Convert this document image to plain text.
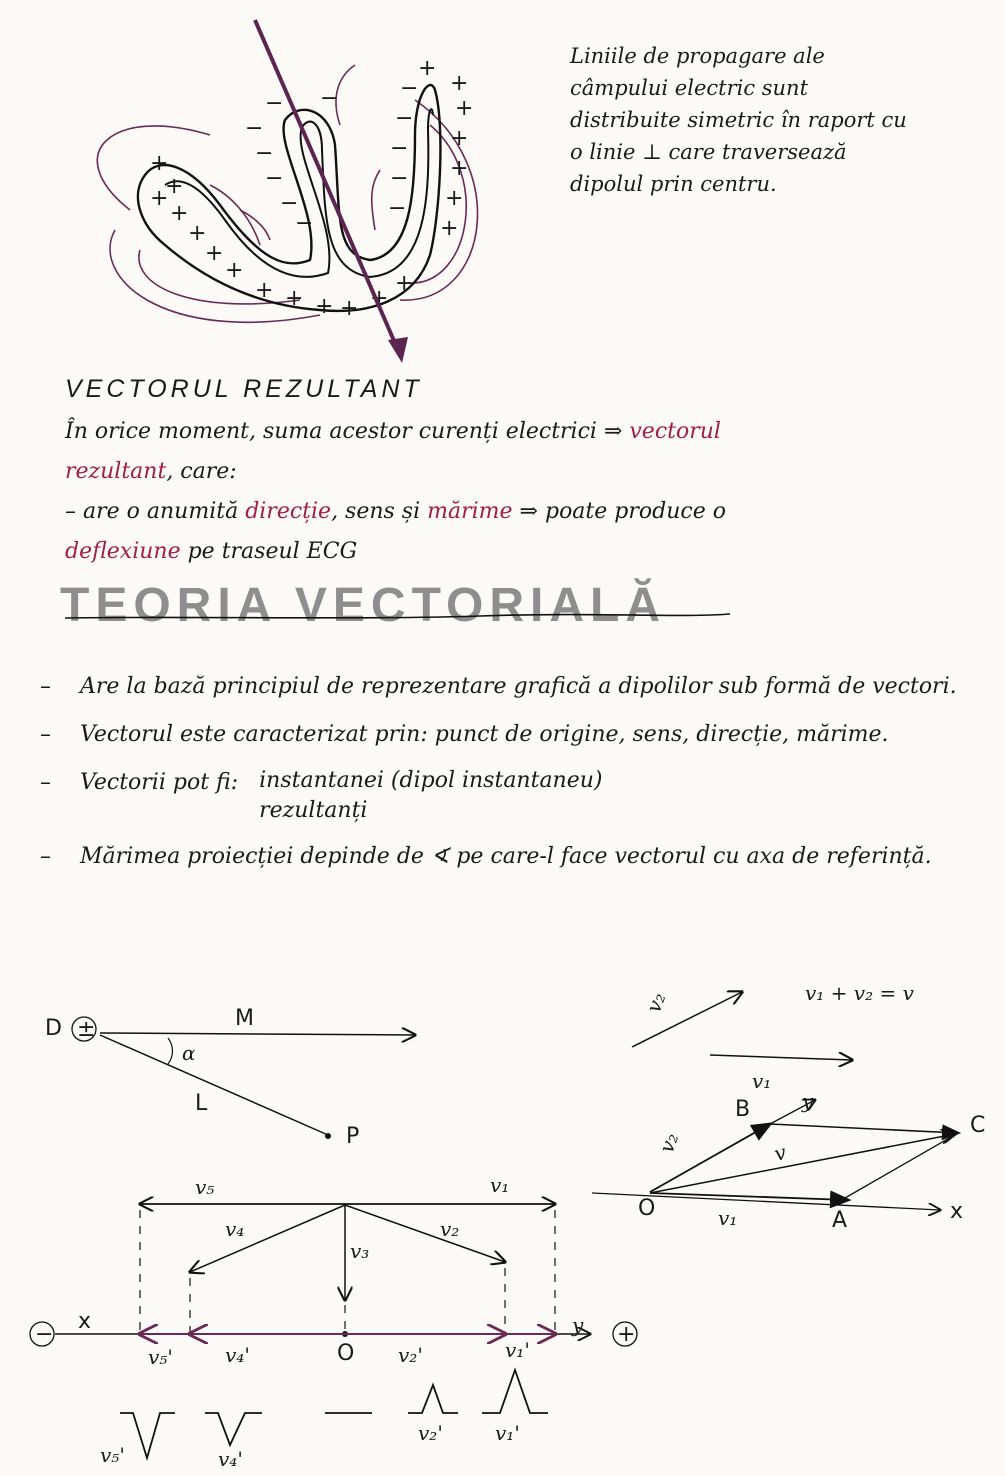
+
+
+
+
+
+
+
+ + + + +
+
+
+
+
+
+
+
+
−
−
−
−
−
−
−
−
−
−
−
−
Liniile de propagare ale
câmpului electric sunt
distribuite simetric în raport cu
o linie ⊥ care traversează
dipolul prin centru.
VECTORUL REZULTANT

În orice moment, suma acestor curenți electrici ⇒ vectorul

rezultant, care:

– are o anumită direcție, sens și mărime ⇒ poate produce o

deflexiune pe traseul ECG

TEORIA VECTORIALĂ
–	Are la bază principiul de reprezentare grafică a dipolilor sub formă de vectori.
–	Vectorul este caracterizat prin: punct de origine, sens, direcție, mărime.
–	Vectorii pot fi: instantanei (dipol instantaneu)
rezultanți
–	Mărimea proiecției depinde de ∢ pe care-l face vectorul cu axa de referință.
D ±	M
P
L
α
v₂	v₁ + v₂ = v
v₁
x
B	y
v₂
C
v
O	A
v₁
v₅	v₁
v₄	v₂
v₃
x	y
−	+
O
v₅'	v₄'	v₂'	v₁'
v₅'	v₄'
v₂'	v₁'
